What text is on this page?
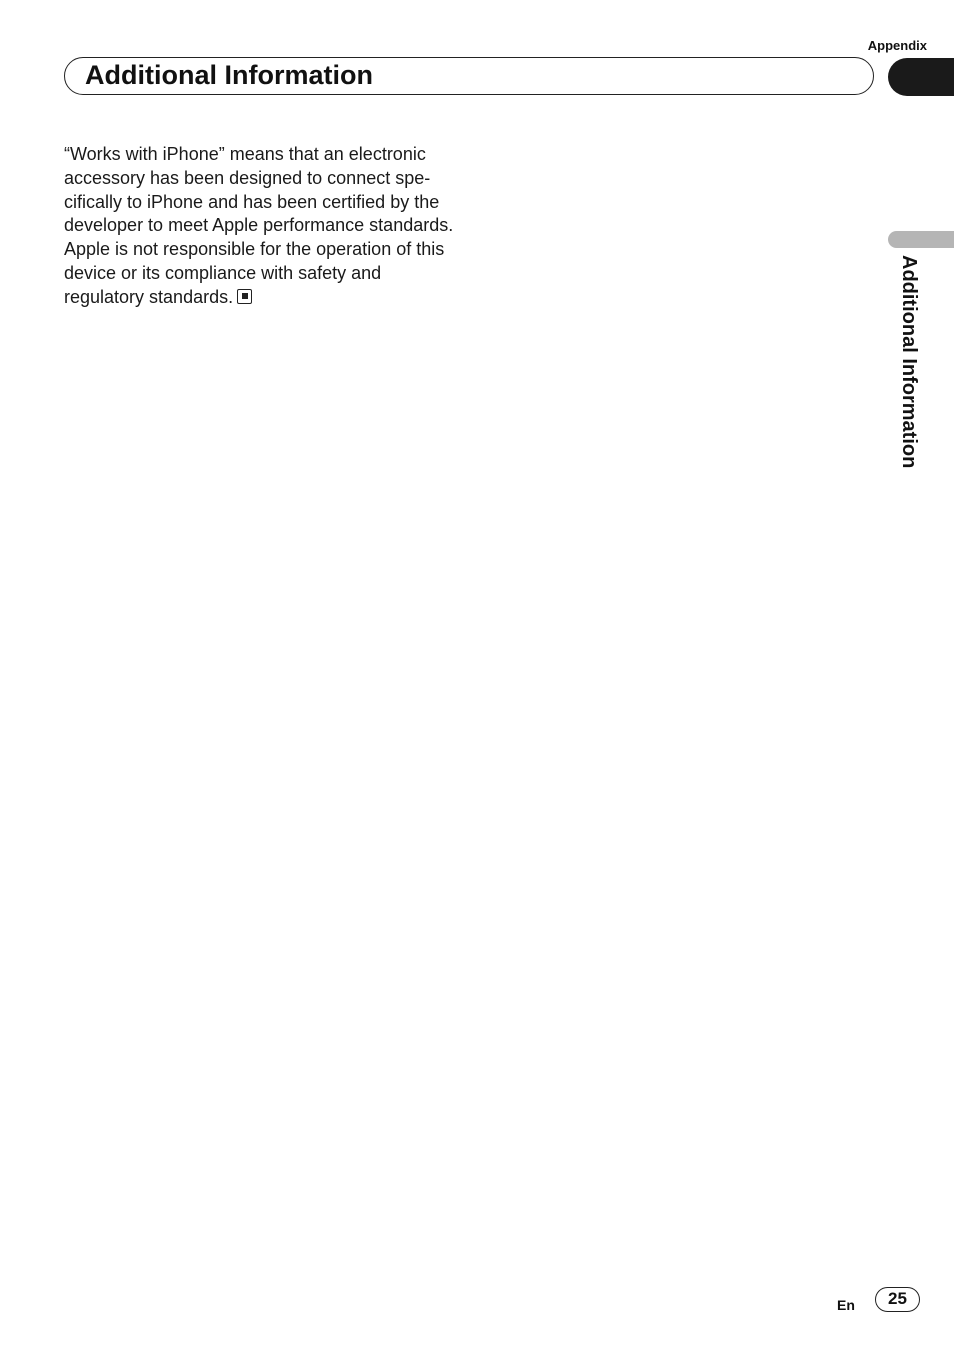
Appendix
Additional Information
Additional Information

“Works with iPhone” means that an electronic accessory has been designed to connect specifically to iPhone and has been certified by the developer to meet Apple performance standards.

Apple is not responsible for the operation of this device or its compliance with safety and regulatory standards.

En	25
